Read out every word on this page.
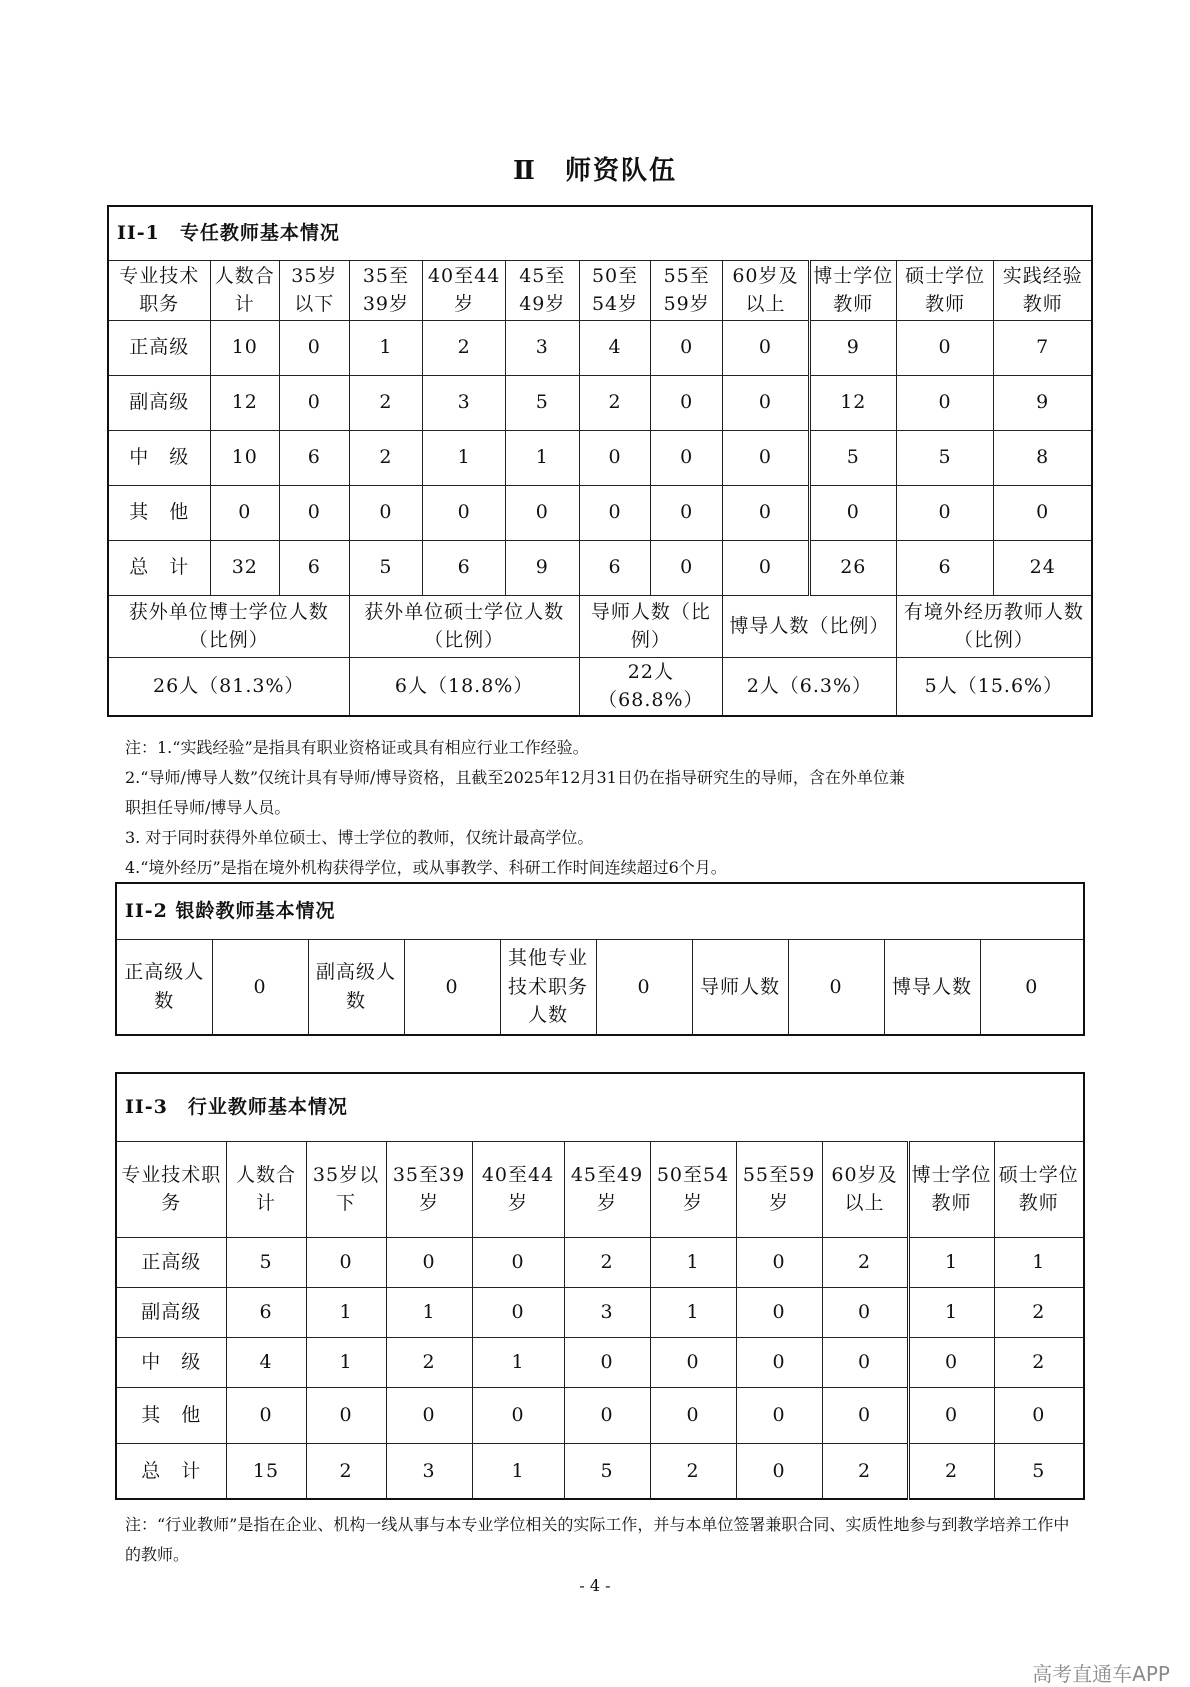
Ⅱ　师资队伍
II-1　专任教师基本情况											
专业技术职务	人数合计	35岁以下	35至39岁	40至44岁	45至49岁	50至54岁	55至59岁	60岁及以上	博士学位教师	硕士学位教师	实践经验教师
正高级	10	0	1	2	3	4	0	0	9	0	7
副高级	12	0	2	3	5	2	0	0	12	0	9
中　级	10	6	2	1	1	0	0	0	5	5	8
其　他	0	0	0	0	0	0	0	0	0	0	0
总　计	32	6	5	6	9	6	0	0	26	6	24
获外单位博士学位人数（比例）			获外单位硕士学位人数（比例）			导师人数（比例）		博导人数（比例）		有境外经历教师人数（比例）	
26人（81.3%）			6人（18.8%）			22人（68.8%）		2人（6.3%）		5人（15.6%）	
注：1.“实践经验”是指具有职业资格证或具有相应行业工作经验。
2.“导师/博导人数”仅统计具有导师/博导资格，且截至2025年12月31日仍在指导研究生的导师，含在外单位兼
职担任导师/博导人员。
3. 对于同时获得外单位硕士、博士学位的教师，仅统计最高学位。
4.“境外经历”是指在境外机构获得学位，或从事教学、科研工作时间连续超过6个月。
II-2 银龄教师基本情况
正高级人数	0	副高级人数	0	其他专业技术职务人数	0	导师人数	0	博导人数	0
II-3　行业教师基本情况										
专业技术职务	人数合计	35岁以下	35至39岁	40至44岁	45至49岁	50至54岁	55至59岁	60岁及以上	博士学位教师	硕士学位教师
正高级	5	0	0	0	2	1	0	2	1	1
副高级	6	1	1	0	3	1	0	0	1	2
中　级	4	1	2	1	0	0	0	0	0	2
其　他	0	0	0	0	0	0	0	0	0	0
总　计	15	2	3	1	5	2	0	2	2	5
注：“行业教师”是指在企业、机构一线从事与本专业学位相关的实际工作，并与本单位签署兼职合同、实质性地参与到教学培养工作中的教师。
- 4 -
高考直通车APP
